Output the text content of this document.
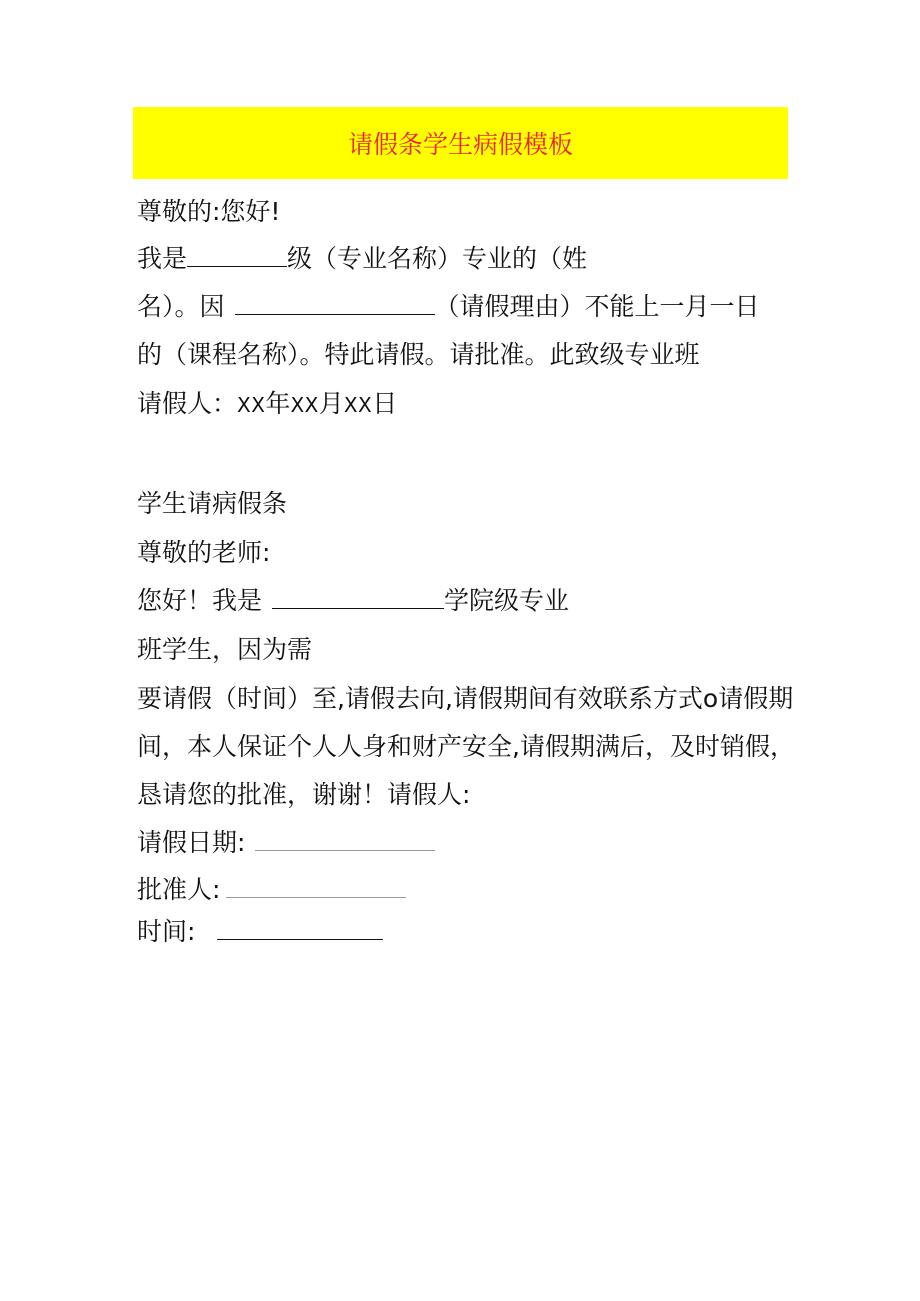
请假条学生病假模板
尊敬的:您好!
我是	级（专业名称）专业的（姓
名）。因	（请假理由）不能上一月一日
的（课程名称）。特此请假。请批准。此致级专业班
请假人：XX年XX月XX日
学生请病假条
尊敬的老师:
您好！我是	学院级专业
班学生，因为需
要请假（时间）至,请假去向,请假期间有效联系方式o请假期
间，本人保证个人人身和财产安全,请假期满后，及时销假，
恳请您的批准，谢谢！请假人:
请假日期:
批准人:
时间:
